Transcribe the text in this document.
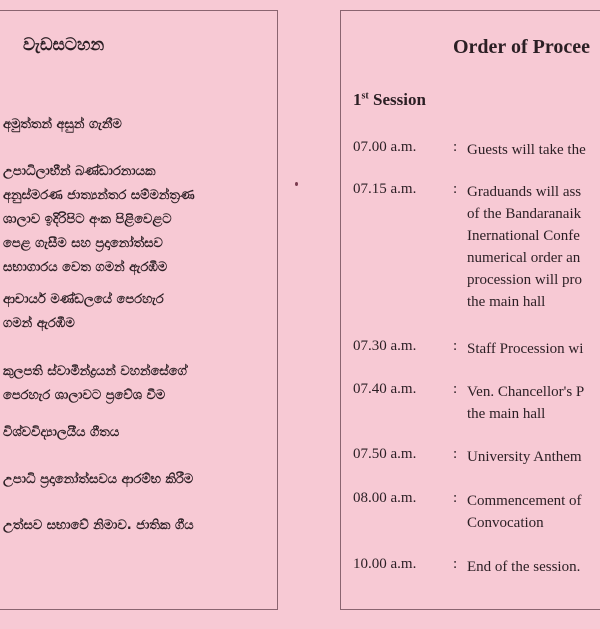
වැඩසටහන
අමුත්තන් අසුන් ගැනීම
උපාධිලාභීන් බණ්ඩාරනායක
අනුස්මරණ ජාත්‍යන්තර සම්මන්ත්‍රණ
ශාලාව ඉදිරිපිට අංක පිළිවෙළට
පෙළ ගැසීම සහ ප්‍රදානෝත්සව
සභාගාරය වෙත ගමන් ඇරඹීම
ආචාර්ය මණ්ඩලයේ පෙරහැර
ගමන් ඇරඹීම
කුලපති ස්වාමීන්ද්‍රයන් වහන්සේගේ
පෙරහැර ශාලාවට ප්‍රවේශ වීම
විශ්වවිද්‍යාලයීය ගීතය
උපාධි ප්‍රදානෝත්සවය ආරම්භ කිරීම
උත්සව සභාවේ නිමාව. ජාතික ගීය
Order of Procee
1st Session
07.00 a.m. : Guests will take the
07.15 a.m. : Graduands will ass
of the Bandaranaik
Inernational Confe
numerical order an
procession will pro
the main hall
07.30 a.m. : Staff Procession wi
07.40 a.m. : Ven. Chancellor's P
the main hall
07.50 a.m. : University Anthem
08.00 a.m. : Commencement of
Convocation
10.00 a.m. : End of the session.
